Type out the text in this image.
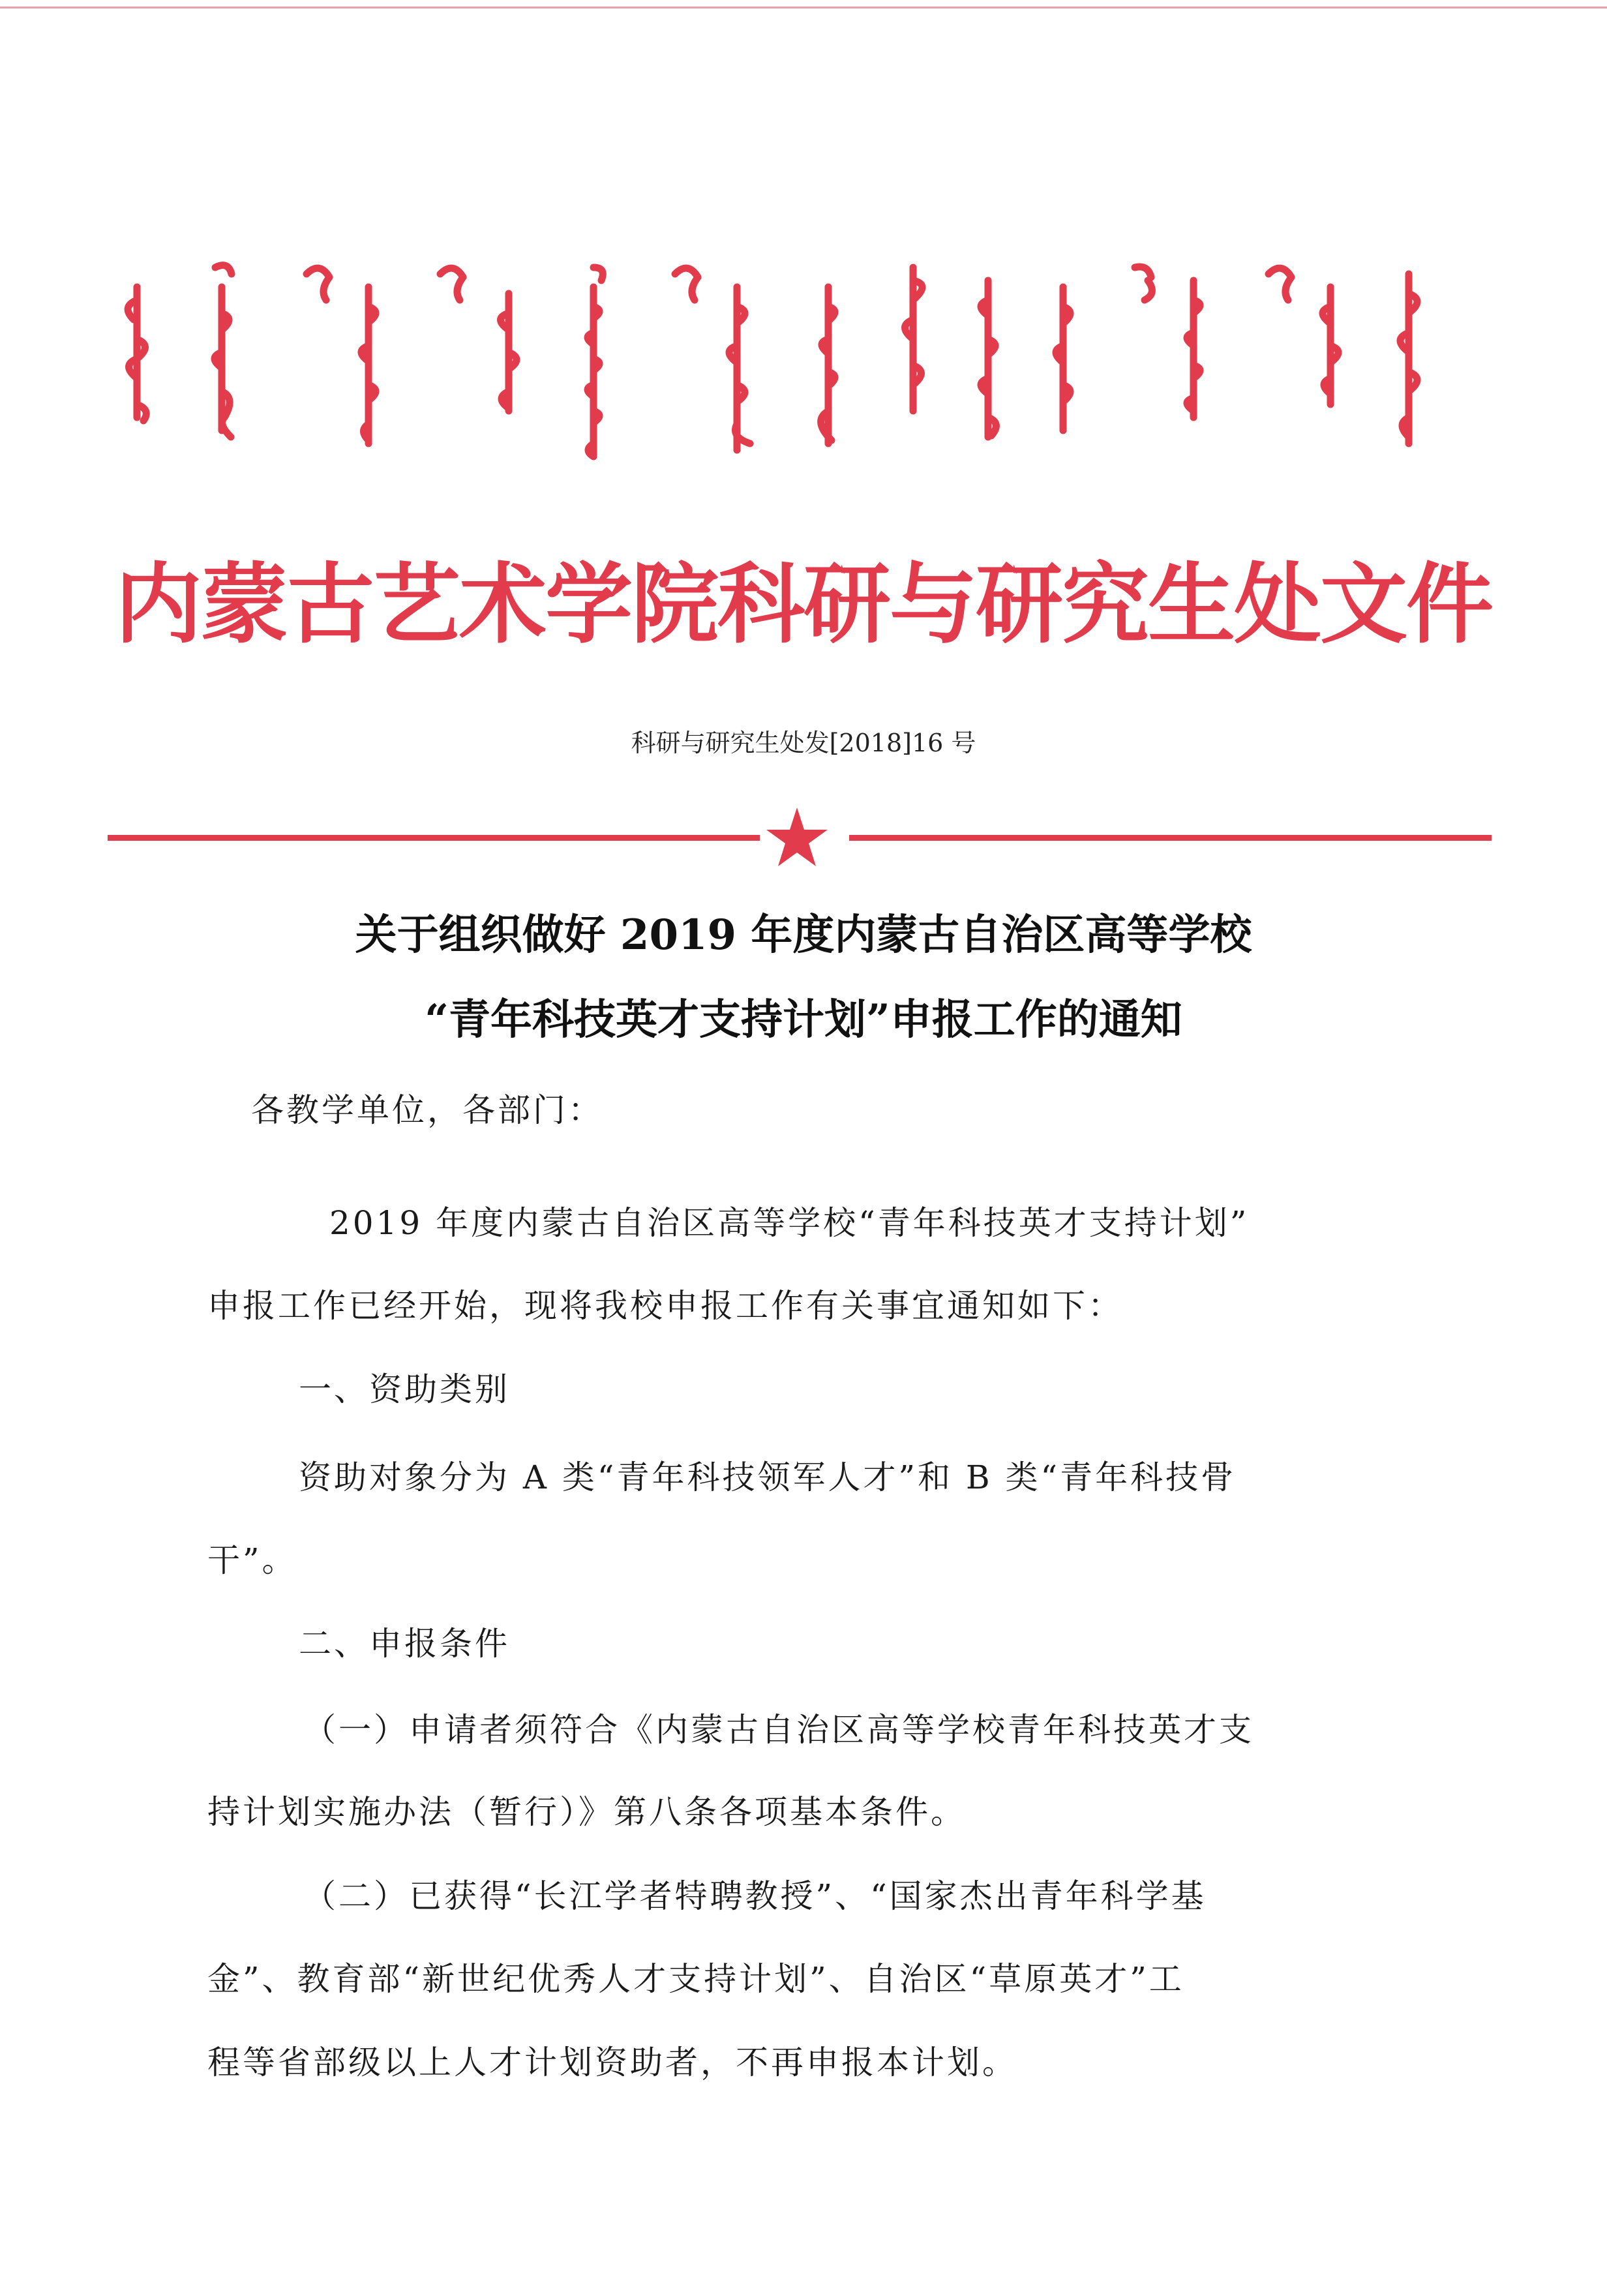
内蒙古艺术学院科研与研究生处文件
科研与研究生处发[2018]16 号
关于组织做好 2019 年度内蒙古自治区高等学校
“青年科技英才支持计划”申报工作的通知
各教学单位，各部门：
2019 年度内蒙古自治区高等学校“青年科技英才支持计划”
申报工作已经开始，现将我校申报工作有关事宜通知如下：
一、资助类别
资助对象分为 A 类“青年科技领军人才”和 B 类“青年科技骨
干”。
二、申报条件
（一）申请者须符合《内蒙古自治区高等学校青年科技英才支
持计划实施办法（暂行）》第八条各项基本条件。
（二）已获得“长江学者特聘教授”、“国家杰出青年科学基
金”、教育部“新世纪优秀人才支持计划”、自治区“草原英才”工
程等省部级以上人才计划资助者，不再申报本计划。
